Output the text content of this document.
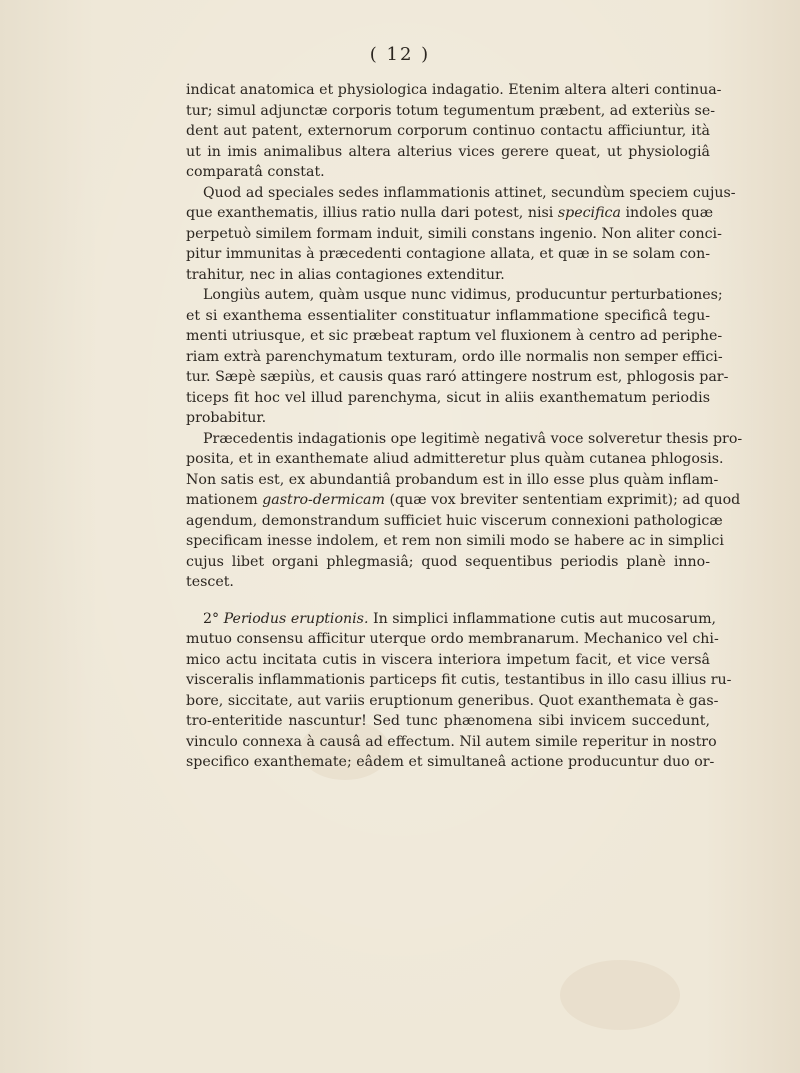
( 12 )
indicat anatomica et physiologica indagatio. Etenim altera alteri continua-
tur; simul adjunctæ corporis totum tegumentum præbent, ad exteriùs se-
dent aut patent, externorum corporum continuo contactu afficiuntur, ità
ut in imis animalibus altera alterius vices gerere queat, ut physiologiâ
comparatâ constat.
Quod ad speciales sedes inflammationis attinet, secundùm speciem cujus-
que exanthematis, illius ratio nulla dari potest, nisi specifica indoles quæ
perpetuò similem formam induit, simili constans ingenio. Non aliter conci-
pitur immunitas à præcedenti contagione allata, et quæ in se solam con-
trahitur, nec in alias contagiones extenditur.
Longiùs autem, quàm usque nunc vidimus, producuntur perturbationes;
et si exanthema essentialiter constituatur inflammatione specificâ tegu-
menti utriusque, et sic præbeat raptum vel fluxionem à centro ad periphe-
riam extrà parenchymatum texturam, ordo ille normalis non semper effici-
tur. Sæpè sæpiùs, et causis quas raró attingere nostrum est, phlogosis par-
ticeps fit hoc vel illud parenchyma, sicut in aliis exanthematum periodis
probabitur.
Præcedentis indagationis ope legitimè negativâ voce solveretur thesis pro-
posita, et in exanthemate aliud admitteretur plus quàm cutanea phlogosis.
Non satis est, ex abundantiâ probandum est in illo esse plus quàm inflam-
mationem gastro-dermicam (quæ vox breviter sententiam exprimit); ad quod
agendum, demonstrandum sufficiet huic viscerum connexioni pathologicæ
specificam inesse indolem, et rem non simili modo se habere ac in simplici
cujus libet organi phlegmasiâ; quod sequentibus periodis planè inno-
tescet.
2° Periodus eruptionis. In simplici inflammatione cutis aut mucosarum,
mutuo consensu afficitur uterque ordo membranarum. Mechanico vel chi-
mico actu incitata cutis in viscera interiora impetum facit, et vice versâ
visceralis inflammationis particeps fit cutis, testantibus in illo casu illius ru-
bore, siccitate, aut variis eruptionum generibus. Quot exanthemata è gas-
tro-enteritide nascuntur! Sed tunc phænomena sibi invicem succedunt,
vinculo connexa à causâ ad effectum. Nil autem simile reperitur in nostro
specifico exanthemate; eâdem et simultaneâ actione producuntur duo or-
